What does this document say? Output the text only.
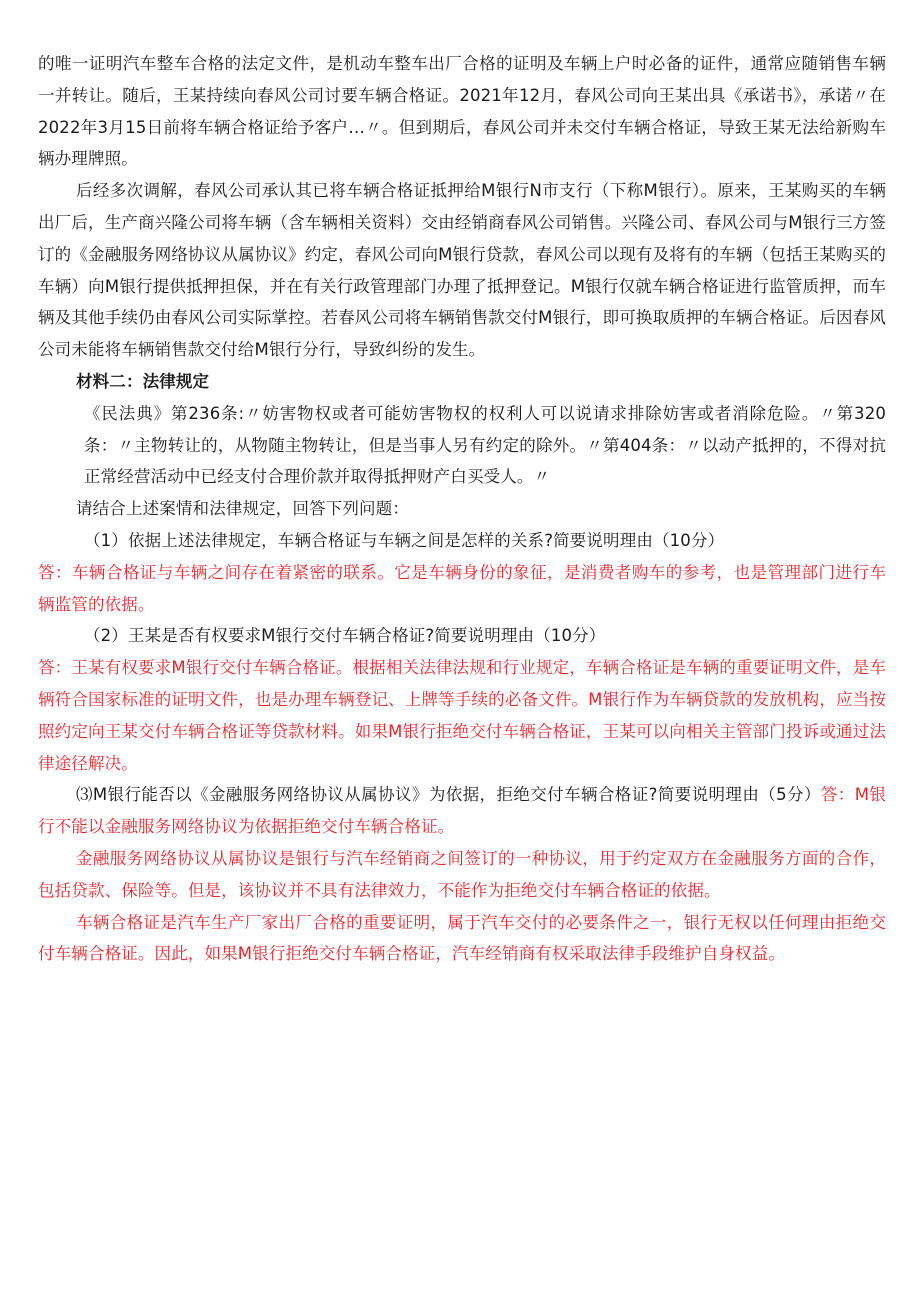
的唯一证明汽车整车合格的法定文件，是机动车整车出厂合格的证明及车辆上户时必备的证件，通常应随销售车辆一并转让。随后，王某持续向春风公司讨要车辆合格证。2021年12月，春风公司向王某出具《承诺书》，承诺〃在2022年3月15日前将车辆合格证给予客户…〃。但到期后，春风公司并未交付车辆合格证，导致王某无法给新购车辆办理牌照。

后经多次调解，春风公司承认其已将车辆合格证抵押给M银行N市支行（下称M银行）。原来，王某购买的车辆出厂后，生产商兴隆公司将车辆（含车辆相关资料）交由经销商春风公司销售。兴隆公司、春风公司与M银行三方签订的《金融服务网络协议从属协议》约定，春风公司向M银行贷款，春风公司以现有及将有的车辆（包括王某购买的车辆）向M银行提供抵押担保，并在有关行政管理部门办理了抵押登记。M银行仅就车辆合格证进行监管质押，而车辆及其他手续仍由春风公司实际掌控。若春风公司将车辆销售款交付M银行，即可换取质押的车辆合格证。后因春风公司未能将车辆销售款交付给M银行分行，导致纠纷的发生。

材料二：法律规定

《民法典》第236条:〃妨害物权或者可能妨害物权的权利人可以说请求排除妨害或者消除危险。〃第320条：〃主物转让的，从物随主物转让，但是当事人另有约定的除外。〃第404条：〃以动产抵押的，不得对抗正常经营活动中已经支付合理价款并取得抵押财产白买受人。〃

请结合上述案情和法律规定，回答下列问题：

（1）依据上述法律规定，车辆合格证与车辆之间是怎样的关系?简要说明理由（10分）

答：车辆合格证与车辆之间存在着紧密的联系。它是车辆身份的象征，是消费者购车的参考，也是管理部门进行车辆监管的依据。

（2）王某是否有权要求M银行交付车辆合格证?简要说明理由（10分）

答：王某有权要求M银行交付车辆合格证。根据相关法律法规和行业规定，车辆合格证是车辆的重要证明文件，是车辆符合国家标准的证明文件，也是办理车辆登记、上牌等手续的必备文件。M银行作为车辆贷款的发放机构，应当按照约定向王某交付车辆合格证等贷款材料。如果M银行拒绝交付车辆合格证，王某可以向相关主管部门投诉或通过法律途径解决。

⑶M银行能否以《金融服务网络协议从属协议》为依据，拒绝交付车辆合格证?简要说明理由（5分）答：M银行不能以金融服务网络协议为依据拒绝交付车辆合格证。

金融服务网络协议从属协议是银行与汽车经销商之间签订的一种协议，用于约定双方在金融服务方面的合作，包括贷款、保险等。但是，该协议并不具有法律效力，不能作为拒绝交付车辆合格证的依据。

车辆合格证是汽车生产厂家出厂合格的重要证明，属于汽车交付的必要条件之一，银行无权以任何理由拒绝交付车辆合格证。因此，如果M银行拒绝交付车辆合格证，汽车经销商有权采取法律手段维护自身权益。
